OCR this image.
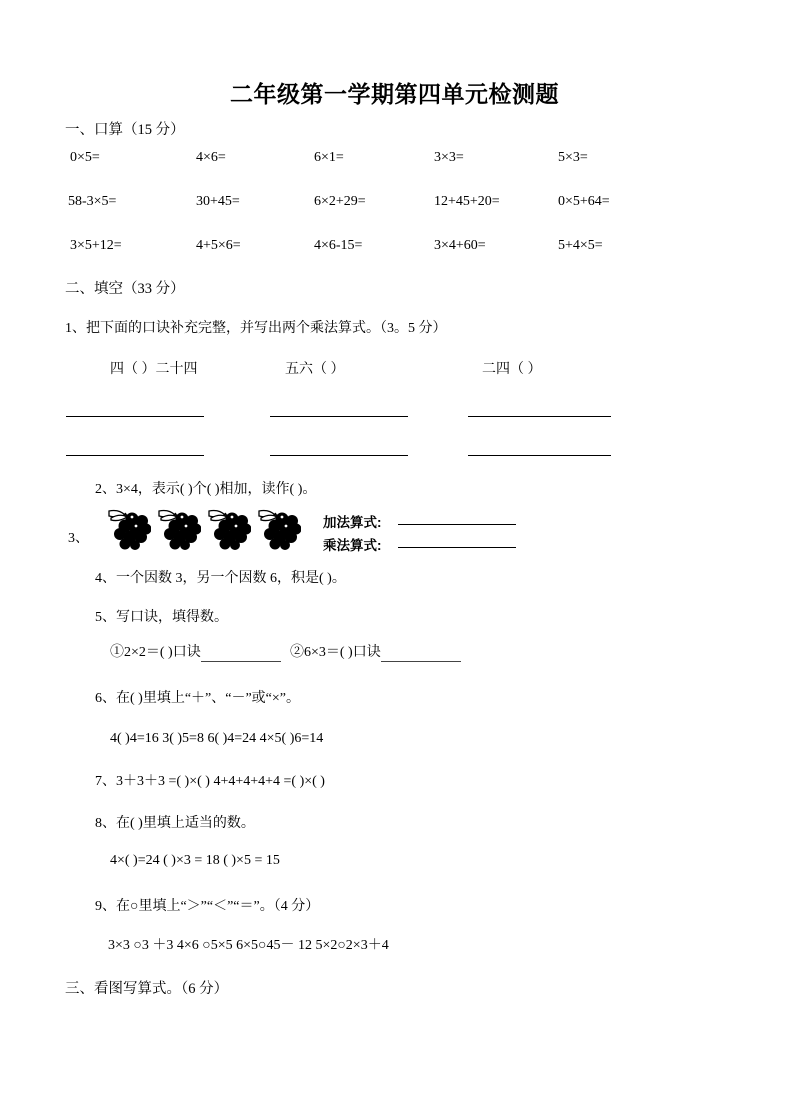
二年级第一学期第四单元检测题
一、口算（15 分）
0×5=	4×6=	6×1=	3×3=	5×3=
58-3×5=	30+45=	6×2+29=	12+45+20=	0×5+64=
3×5+12=	4+5×6=	4×6-15=	3×4+60=	5+4×5=
二、填空（33 分）
1、把下面的口诀补充完整，并写出两个乘法算式。（3。5 分）
四（ ）二十四	五六（ ）	二四（ ）
2、3×4，表示( )个( )相加，读作( )。
3、
加法算式:
乘法算式:
4、一个因数 3，另一个因数 6，积是( )。
5、写口诀，填得数。
①2×2＝( )口诀	②6×3＝( )口诀
6、在( )里填上“＋”、“－”或“×”。
4( )4=16 3( )5=8 6( )4=24 4×5( )6=14
7、3＋3＋3 =( )×( ) 4+4+4+4+4 =( )×( )
8、在( )里填上适当的数。
4×( )=24 ( )×3 = 18 ( )×5 = 15
9、在○里填上“＞”“＜”“＝”。（4 分）
3×3 ○3 ＋3 4×6 ○5×5 6×5○45－ 12 5×2○2×3＋4
三、看图写算式。（6 分）
